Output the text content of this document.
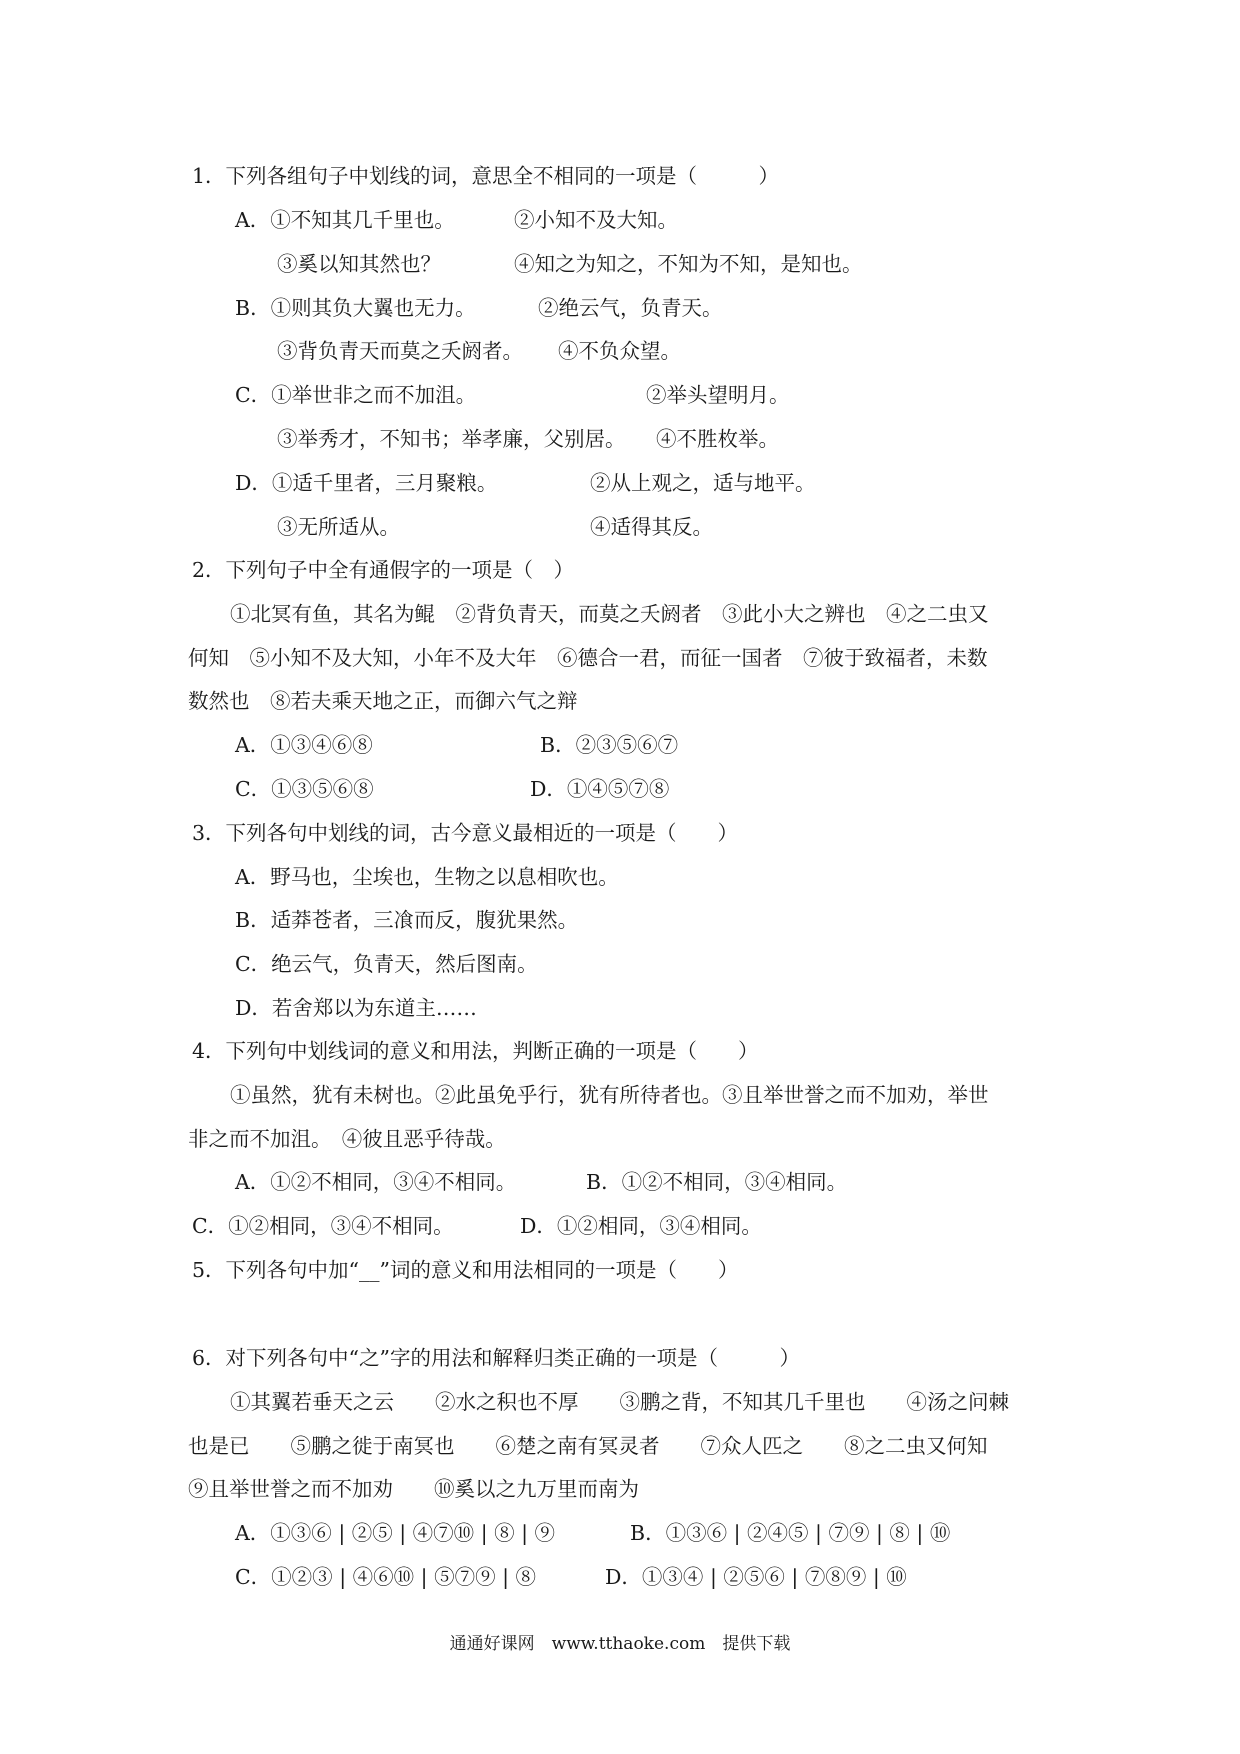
1．下列各组句子中划线的词，意思全不相同的一项是（　　　）
A．①不知其几千里也。	②小知不及大知。
③奚以知其然也？	④知之为知之，不知为不知，是知也。
B．①则其负大翼也无力。	②绝云气，负青天。
③背负青天而莫之夭阏者。 ④不负众望。
C．①举世非之而不加沮。	②举头望明月。
③举秀才，不知书；举孝廉，父别居。 ④不胜枚举。
D．①适千里者，三月聚粮。	②从上观之，适与地平。
③无所适从。	④适得其反。
2．下列句子中全有通假字的一项是（　）
①北冥有鱼，其名为鲲　②背负青天，而莫之夭阏者　③此小大之辨也　④之二虫又
何知　⑤小知不及大知，小年不及大年　⑥德合一君，而征一国者　⑦彼于致福者，未数
数然也　⑧若夫乘天地之正，而御六气之辩
A．①③④⑥⑧	B．②③⑤⑥⑦
C．①③⑤⑥⑧	D．①④⑤⑦⑧
3．下列各句中划线的词，古今意义最相近的一项是（　　）
A．野马也，尘埃也，生物之以息相吹也。
B．适莽苍者，三飡而反，腹犹果然。
C．绝云气，负青天，然后图南。
D．若舍郑以为东道主……
4．下列句中划线词的意义和用法，判断正确的一项是（　　）
①虽然，犹有未树也。②此虽免乎行，犹有所待者也。③且举世誉之而不加劝，举世
非之而不加沮。　④彼且恶乎待哉。
A．①②不相同，③④不相同。	B．①②不相同，③④相同。
C．①②相同，③④不相同。	D．①②相同，③④相同。
5．下列各句中加“__”词的意义和用法相同的一项是（　　）
6．对下列各句中“之”字的用法和解释归类正确的一项是（　　　）
①其翼若垂天之云　　②水之积也不厚　　③鹏之背，不知其几千里也　　④汤之问棘
也是已　　⑤鹏之徙于南冥也　　⑥楚之南有冥灵者　　⑦众人匹之　　⑧之二虫又何知
⑨且举世誉之而不加劝　　⑩奚以之九万里而南为
A．①③⑥ | ②⑤ | ④⑦⑩ | ⑧ | ⑨	B．①③⑥ | ②④⑤ | ⑦⑨ | ⑧ | ⑩
C．①②③ | ④⑥⑩ | ⑤⑦⑨ | ⑧	D．①③④ | ②⑤⑥ | ⑦⑧⑨ | ⑩
通通好课网　www.tthaoke.com　提供下载
